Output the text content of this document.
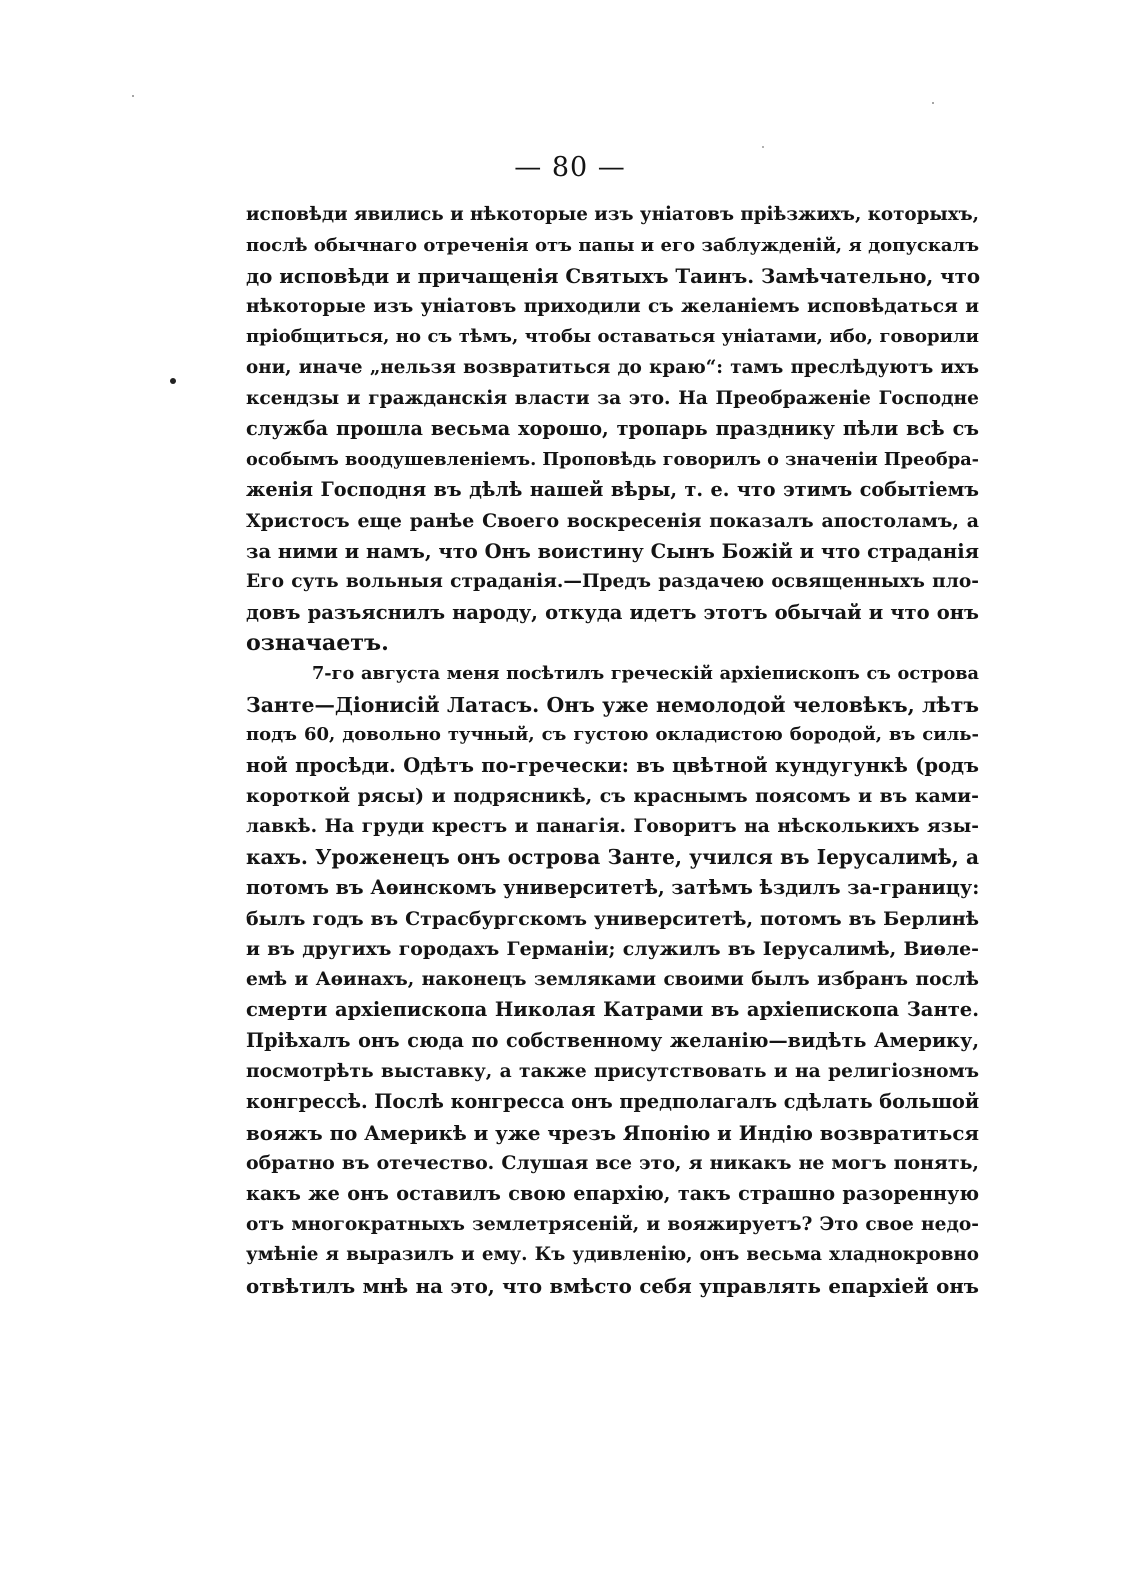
— 80 —
исповѣди явились и нѣкоторые изъ уніатовъ пріѣзжихъ, которыхъ,
послѣ обычнаго отреченія отъ папы и его заблужденій, я допускалъ
до исповѣди и причащенія Святыхъ Таинъ. Замѣчательно, что
нѣкоторые изъ уніатовъ приходили съ желаніемъ исповѣдаться и
пріобщиться, но съ тѣмъ, чтобы оставаться уніатами, ибо, говорили
они, иначе „нельзя возвратиться до краю“: тамъ преслѣдуютъ ихъ
ксендзы и гражданскія власти за это. На Преображеніе Господне
служба прошла весьма хорошо, тропарь празднику пѣли всѣ съ
особымъ воодушевленіемъ. Проповѣдь говорилъ о значеніи Преобра-
женія Господня въ дѣлѣ нашей вѣры, т. е. что этимъ событіемъ
Христосъ еще ранѣе Своего воскресенія показалъ апостоламъ, а
за ними и намъ, что Онъ воистину Сынъ Божій и что страданія
Его суть вольныя страданія.—Предъ раздачею освященныхъ пло-
довъ разъяснилъ народу, откуда идетъ этотъ обычай и что онъ
означаетъ.
7-го августа меня посѣтилъ греческій архіепископъ съ острова
Занте—Діонисій Латасъ. Онъ уже немолодой человѣкъ, лѣтъ
подъ 60, довольно тучный, съ густою окладистою бородой, въ силь-
ной просѣди. Одѣтъ по-гречески: въ цвѣтной кундугункѣ (родъ
короткой рясы) и подрясникѣ, съ краснымъ поясомъ и въ ками-
лавкѣ. На груди крестъ и панагія. Говоритъ на нѣсколькихъ язы-
кахъ. Уроженецъ онъ острова Занте, учился въ Іерусалимѣ, а
потомъ въ Аѳинскомъ университетѣ, затѣмъ ѣздилъ за-границу:
былъ годъ въ Страсбургскомъ университетѣ, потомъ въ Берлинѣ
и въ другихъ городахъ Германіи; служилъ въ Іерусалимѣ, Виѳле-
емѣ и Аѳинахъ, наконецъ земляками своими былъ избранъ послѣ
смерти архіепископа Николая Катрами въ архіепископа Занте.
Пріѣхалъ онъ сюда по собственному желанію—видѣть Америку,
посмотрѣть выставку, а также присутствовать и на религіозномъ
конгрессѣ. Послѣ конгресса онъ предполагалъ сдѣлать большой
вояжъ по Америкѣ и уже чрезъ Японію и Индію возвратиться
обратно въ отечество. Слушая все это, я никакъ не могъ понять,
какъ же онъ оставилъ свою епархію, такъ страшно разоренную
отъ многократныхъ землетрясеній, и вояжируетъ? Это свое недо-
умѣніе я выразилъ и ему. Къ удивленію, онъ весьма хладнокровно
отвѣтилъ мнѣ на это, что вмѣсто себя управлять епархіей онъ
